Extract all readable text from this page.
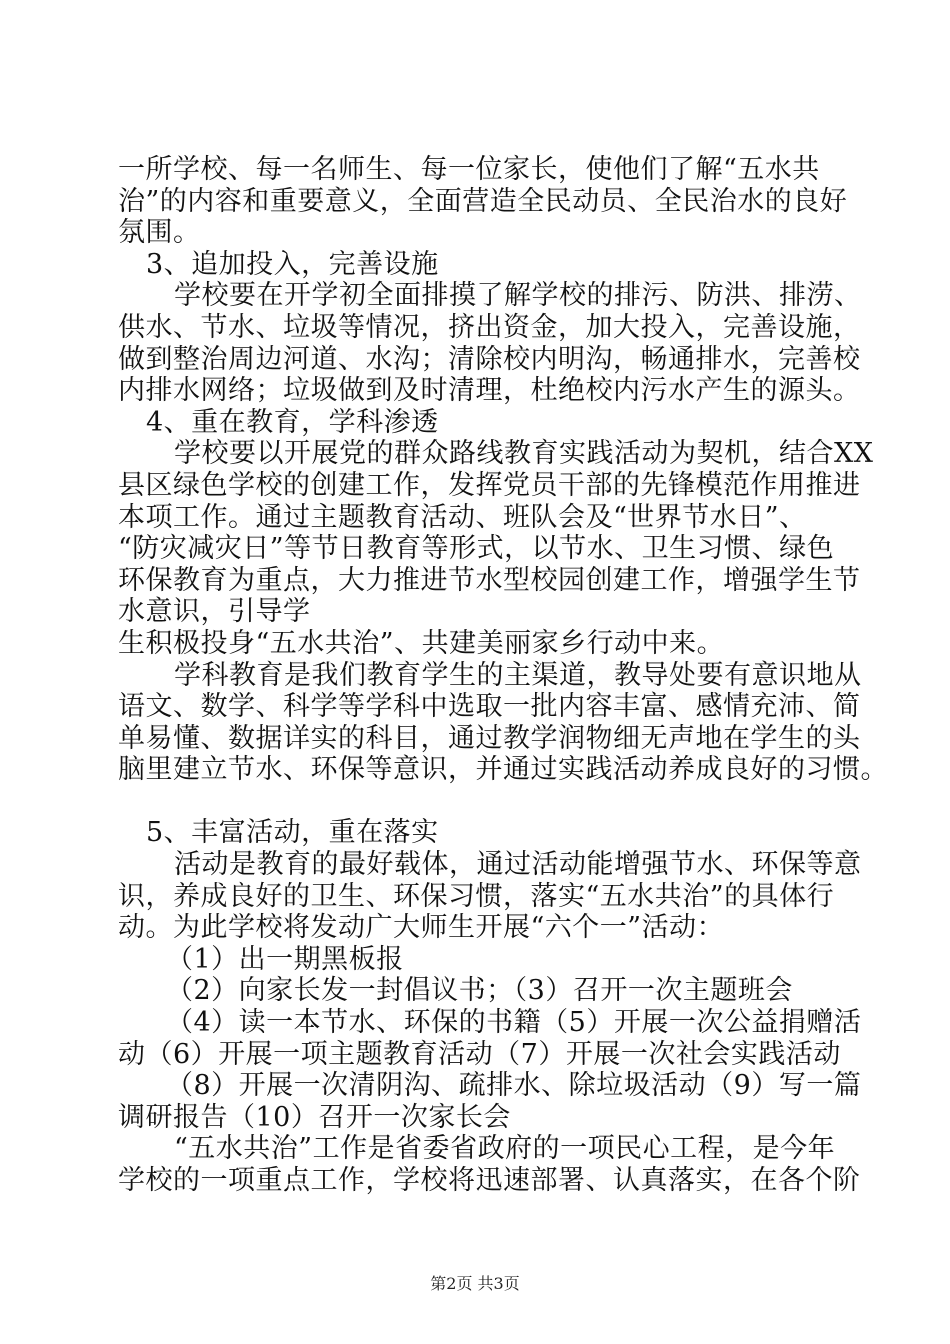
一所学校、每一名师生、每一位家长，使他们了解“五水共
治”的内容和重要意义，全面营造全民动员、全民治水的良好
氛围。
3、追加投入，完善设施
学校要在开学初全面排摸了解学校的排污、防洪、排涝、
供水、节水、垃圾等情况，挤出资金，加大投入，完善设施，
做到整治周边河道、水沟；清除校内明沟，畅通排水，完善校
内排水网络；垃圾做到及时清理，杜绝校内污水产生的源头。
4、重在教育，学科渗透
学校要以开展党的群众路线教育实践活动为契机，结合XX
县区绿色学校的创建工作，发挥党员干部的先锋模范作用推进
本项工作。通过主题教育活动、班队会及“世界节水日”、
“防灾减灾日”等节日教育等形式，以节水、卫生习惯、绿色
环保教育为重点，大力推进节水型校园创建工作，增强学生节
水意识，引导学
生积极投身“五水共治”、共建美丽家乡行动中来。
学科教育是我们教育学生的主渠道，教导处要有意识地从
语文、数学、科学等学科中选取一批内容丰富、感情充沛、简
单易懂、数据详实的科目，通过教学润物细无声地在学生的头
脑里建立节水、环保等意识，并通过实践活动养成良好的习惯。
5、丰富活动，重在落实
活动是教育的最好载体，通过活动能增强节水、环保等意
识，养成良好的卫生、环保习惯，落实“五水共治”的具体行
动。为此学校将发动广大师生开展“六个一”活动：
（1）出一期黑板报
（2）向家长发一封倡议书；（3）召开一次主题班会
（4）读一本节水、环保的书籍（5）开展一次公益捐赠活
动（6）开展一项主题教育活动（7）开展一次社会实践活动
（8）开展一次清阴沟、疏排水、除垃圾活动（9）写一篇
调研报告（10）召开一次家长会
“五水共治”工作是省委省政府的一项民心工程，是今年
学校的一项重点工作，学校将迅速部署、认真落实，在各个阶
第2页 共3页
